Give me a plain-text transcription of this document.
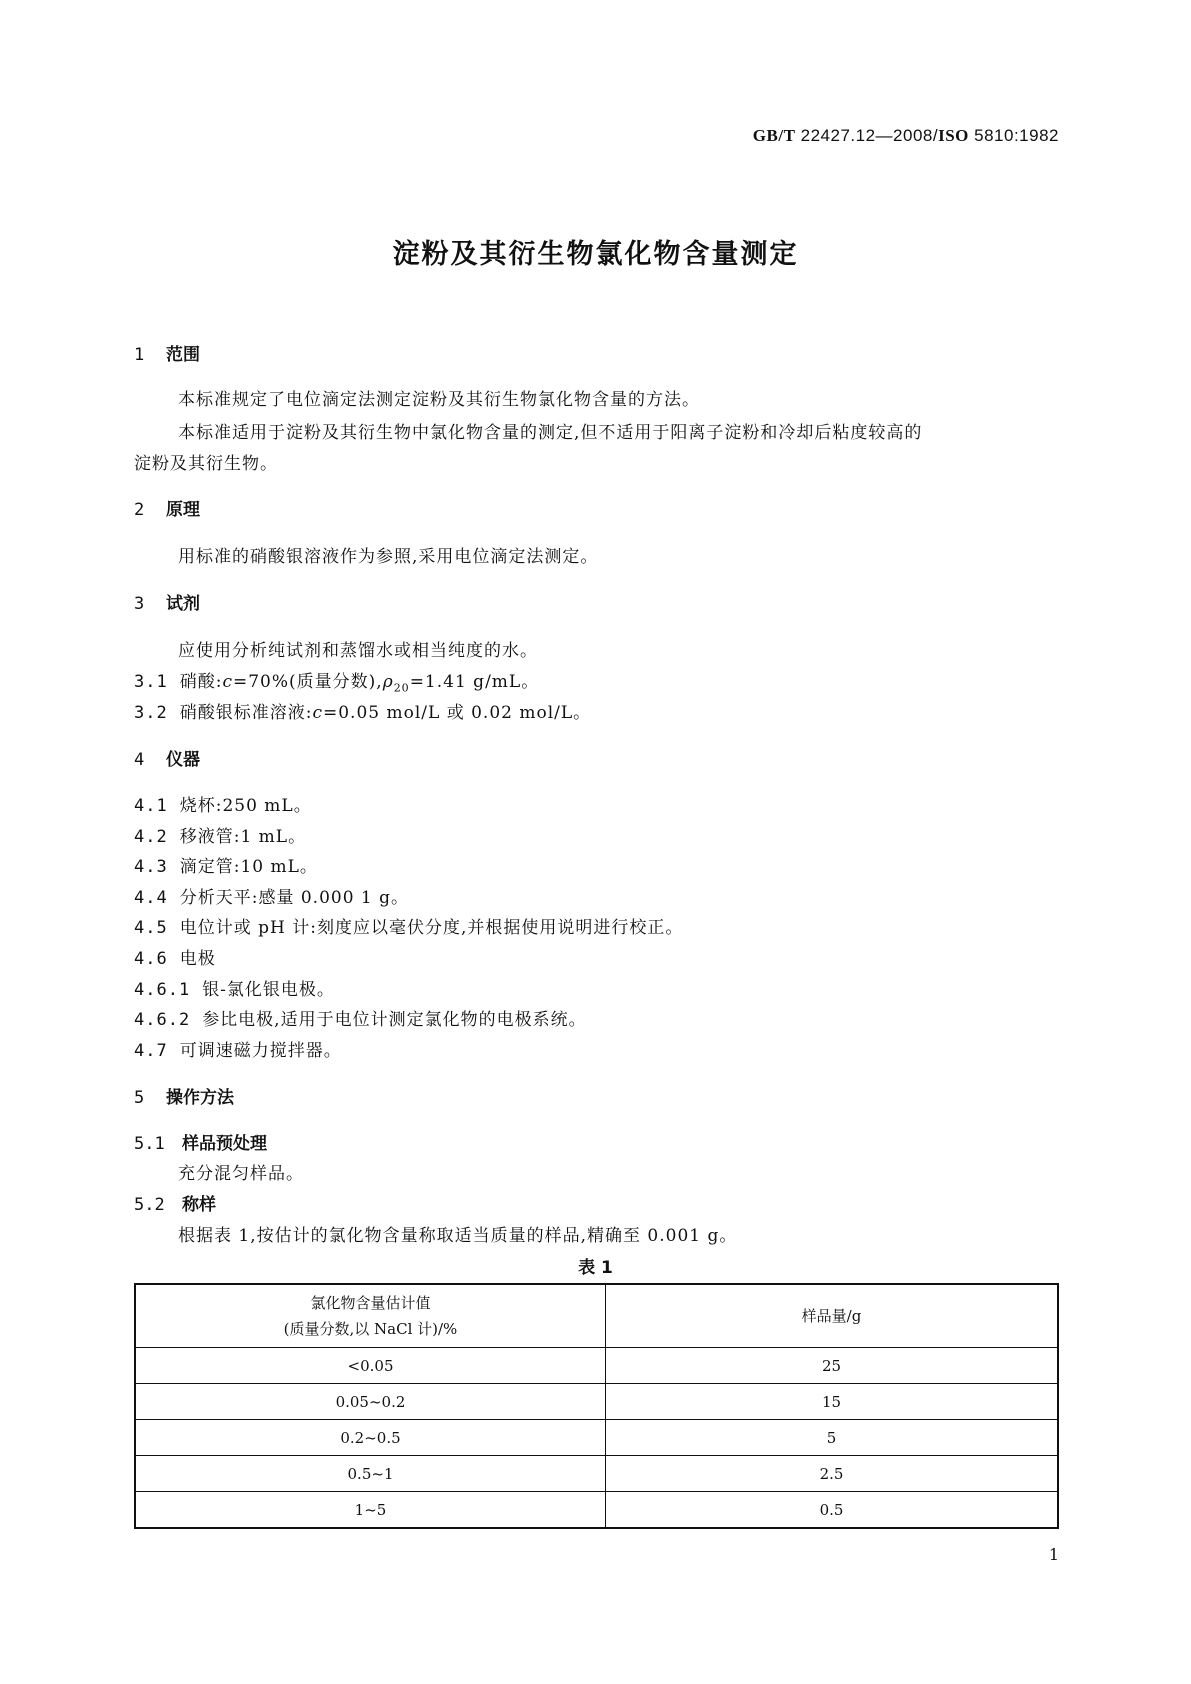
GB/T 22427.12—2008/ISO 5810:1982
淀粉及其衍生物氯化物含量测定
1 范围
本标准规定了电位滴定法测定淀粉及其衍生物氯化物含量的方法。
本标准适用于淀粉及其衍生物中氯化物含量的测定,但不适用于阳离子淀粉和冷却后粘度较高的
淀粉及其衍生物。
2 原理
用标准的硝酸银溶液作为参照,采用电位滴定法测定。
3 试剂
应使用分析纯试剂和蒸馏水或相当纯度的水。
3.1 硝酸:c=70%(质量分数)$,\rho_{20}=1.41$ g/mL。
3.2 硝酸银标准溶液:c=0.05 mol/L 或 0.02 mol/L。
4 仪器
4.1 烧杯:250 mL。
4.2 移液管:1 mL。
4.3 滴定管:10 mL。
4.4 分析天平:感量 0.000 1 g。
4.5 电位计或 pH 计:刻度应以毫伏分度,并根据使用说明进行校正。
4.6 电极
4.6.1 银-氯化银电极。
4.6.2 参比电极,适用于电位计测定氯化物的电极系统。
4.7 可调速磁力搅拌器。
5 操作方法
5.1 样品预处理
充分混匀样品。
5.2 称样
根据表 1,按估计的氯化物含量称取适当质量的样品,精确至 0.001 g。
表 1
氯化物含量估计值
(质量分数,以 NaCl 计)/%	样品量/g
<0.05	25
0.05~0.2	15
0.2~0.5	5
0.5~1	2.5
1~5	0.5
1
